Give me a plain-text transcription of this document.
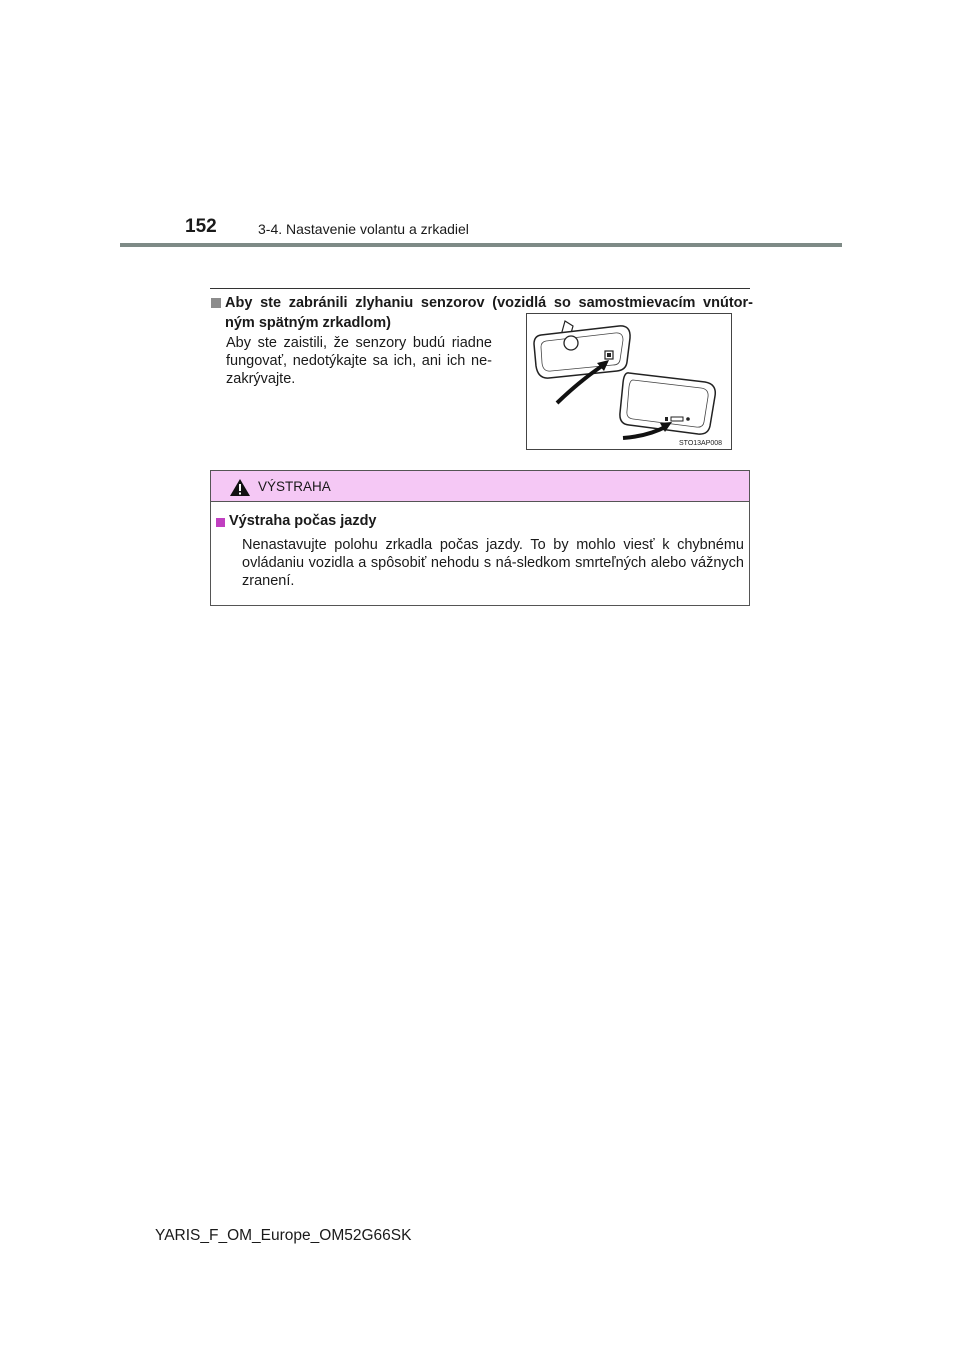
152	3-4. Nastavenie volantu a zrkadiel
Aby ste zabránili zlyhaniu senzorov (vozidlá so samostmievacím vnútor-ným spätným zrkadlom)
Aby ste zaistili, že senzory budú riadne fungovať, nedotýkajte sa ich, ani ich ne-zakrývajte.
STO13AP008
VÝSTRAHA
Výstraha počas jazdy
Nenastavujte polohu zrkadla počas jazdy. To by mohlo viesť k chybnému ovládaniu vozidla a spôsobiť nehodu s ná-sledkom smrteľných alebo vážnych zranení.
YARIS_F_OM_Europe_OM52G66SK
